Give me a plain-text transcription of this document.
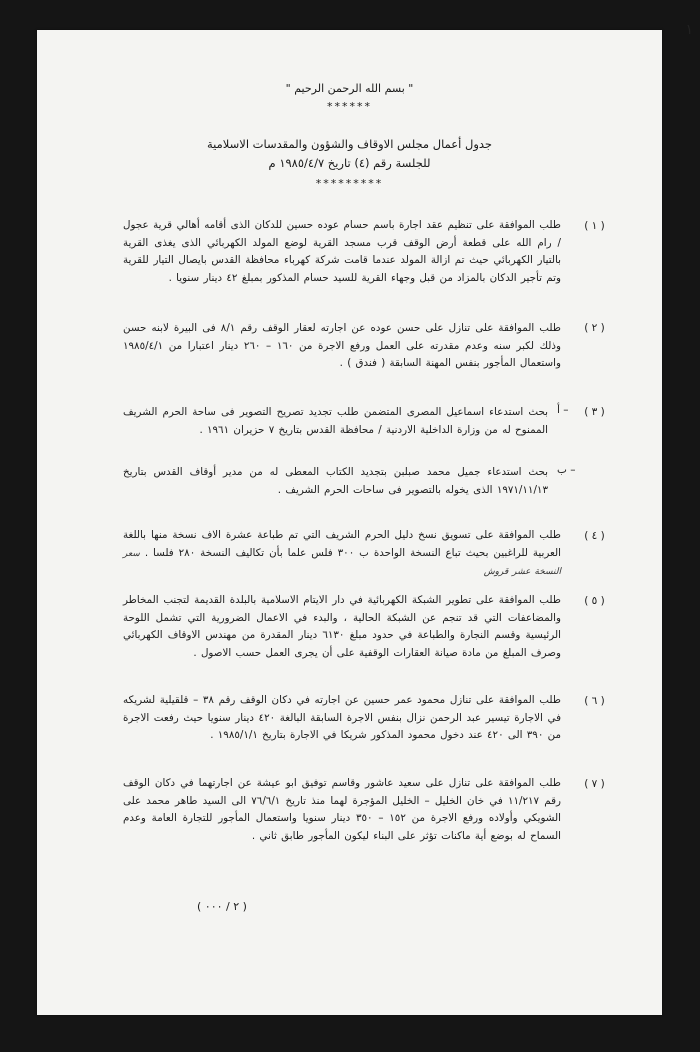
" بسم الله الرحمن الرحيم "
******
جدول أعمال مجلس الاوقاف والشؤون والمقدسات الاسلامية
للجلسة رقم (٤) تاريخ ١٩٨٥/٤/٧ م
*********
( ١ )
طلب الموافقة على تنظيم عقد اجارة باسم حسام عوده حسين للدكان الذى أقامه أهالي قرية عجول / رام الله على قطعة أرض الوقف قرب مسجد القرية لوضع المولد الكهربائي الذى يغذى القرية بالتيار الكهربائي حيث تم ازالة المولد عندما قامت شركة كهرباء محافظة القدس بايصال التيار للقرية وتم تأجير الدكان بالمزاد من قبل وجهاء القرية للسيد حسام المذكور بمبلغ ٤٢ دينار سنويا .
( ٢ )
طلب الموافقة على تنازل على حسن عوده عن اجارته لعقار الوقف رقم ٨/١ فى البيرة لابنه حسن وذلك لكبر سنه وعدم مقدرته على العمل ورفع الاجرة من ١٦٠ – ٢٦٠ دينار اعتبارا من ١٩٨٥/٤/١ واستعمال المأجور بنفس المهنة السابقة ( فندق ) .
( ٣ )
أ –
بحث استدعاء اسماعيل المصرى المتضمن طلب تجديد تصريح التصوير فى ساحة الحرم الشريف الممنوح له من وزارة الداخلية الاردنية / محافظة القدس بتاريخ ٧ حزيران ١٩٦١ .
ب –
بحث استدعاء جميل محمد صبلبن بتجديد الكتاب المعطى له من مدير أوقاف القدس بتاريخ ١٩٧١/١١/١٣ الذى يخوله بالتصوير فى ساحات الحرم الشريف .
( ٤ )
طلب الموافقة على تسويق نسخ دليل الحرم الشريف التي تم طباعة عشرة الاف نسخة منها باللغة العربية للراغبين بحيث تباع النسخة الواحدة ب ٣٠٠ فلس علما بأن تكاليف النسخة ٢٨٠ فلسا . سعر النسخة عشر قروش
( ٥ )
طلب الموافقة على تطوير الشبكة الكهربائية في دار الايتام الاسلامية بالبلدة القديمة لتجنب المخاطر والمضاعفات التي قد تنجم عن الشبكة الحالية ، والبدء في الاعمال الضرورية التي تشمل اللوحة الرئيسية وقسم النجارة والطباعة في حدود مبلغ ٦١٣٠ دينار المقدرة من مهندس الاوقاف الكهربائي وصرف المبلغ من مادة صيانة العقارات الوقفية على أن يجرى العمل حسب الاصول .
( ٦ )
طلب الموافقة على تنازل محمود عمر حسين عن اجارته في دكان الوقف رقم ٣٨ – قلقيلية لشريكه في الاجارة تيسير عبد الرحمن نزال بنفس الاجرة السابقة البالغة ٤٢٠ دينار سنويا حيث رفعت الاجرة من ٣٩٠ الى ٤٢٠ عند دخول محمود المذكور شريكا في الاجارة بتاريخ ١٩٨٥/١/١ .
( ٧ )
طلب الموافقة على تنازل على سعيد عاشور وقاسم توفيق ابو عيشة عن اجارتهما في دكان الوقف رقم ١١/٢١٧ في خان الخليل – الخليل المؤجرة لهما منذ تاريخ ٧٦/٦/١ الى السيد طاهر محمد على الشويكي وأولاده ورفع الاجرة من ١٥٢ – ٣٥٠ دينار سنويا واستعمال المأجور للتجارة العامة وعدم السماح له بوضع أية ماكنات تؤثر على البناء ليكون المأجور طابق ثاني .
( ٢ / ٠٠٠ )
١
